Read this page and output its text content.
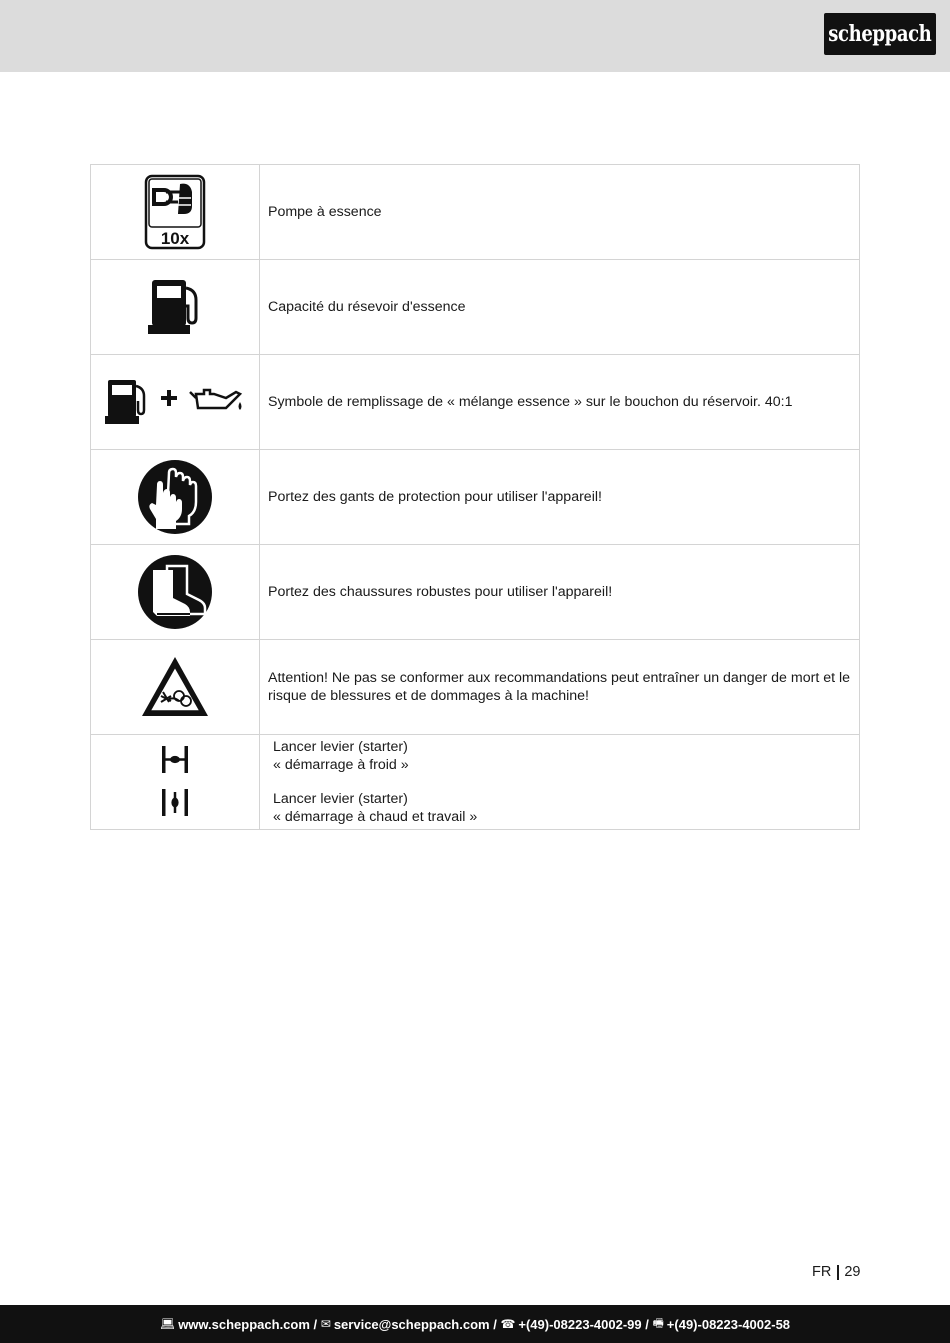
scheppach
10x	Pompe à essence

	Capacité du résevoir d'essence

	Symbole de remplissage de « mélange essence » sur le bouchon du réservoir. 40:1

	Portez des gants de protection pour utiliser l'appareil!

	Portez des chaussures robustes pour utiliser l'appareil!

	Attention! Ne pas se conformer aux recommandations peut entraîner un danger de mort et le risque de blessures et de dommages à la machine!

Lancer levier (starter)
« démarrage à froid »
Lancer levier (starter)
« démarrage à chaud et travail »
FR 29
💻︎ www.scheppach.com / ✉ service@scheppach.com / ☎ +(49)-08223-4002-99 / 🖷︎ +(49)-08223-4002-58
